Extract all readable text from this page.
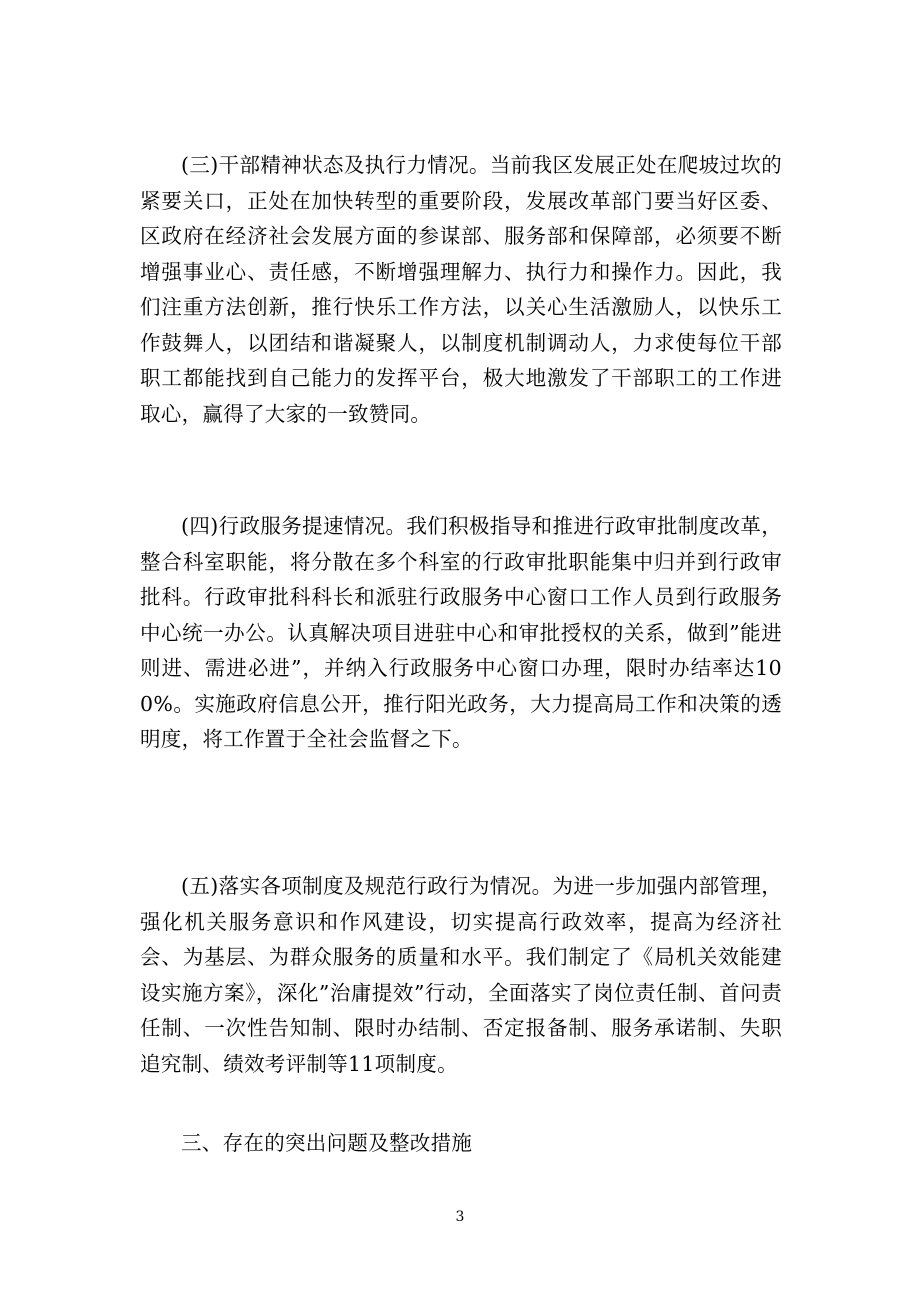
(三)干部精神状态及执行力情况。当前我区发展正处在爬坡过坎的紧要关口，正处在加快转型的重要阶段，发展改革部门要当好区委、区政府在经济社会发展方面的参谋部、服务部和保障部，必须要不断增强事业心、责任感，不断增强理解力、执行力和操作力。因此，我们注重方法创新，推行快乐工作方法，以关心生活激励人，以快乐工作鼓舞人，以团结和谐凝聚人，以制度机制调动人，力求使每位干部职工都能找到自己能力的发挥平台，极大地激发了干部职工的工作进取心，赢得了大家的一致赞同。

(四)行政服务提速情况。我们积极指导和推进行政审批制度改革，整合科室职能，将分散在多个科室的行政审批职能集中归并到行政审批科。行政审批科科长和派驻行政服务中心窗口工作人员到行政服务中心统一办公。认真解决项目进驻中心和审批授权的关系，做到”能进则进、需进必进”，并纳入行政服务中心窗口办理，限时办结率达100%。实施政府信息公开，推行阳光政务，大力提高局工作和决策的透明度，将工作置于全社会监督之下。

(五)落实各项制度及规范行政行为情况。为进一步加强内部管理，强化机关服务意识和作风建设，切实提高行政效率，提高为经济社会、为基层、为群众服务的质量和水平。我们制定了《局机关效能建设实施方案》，深化”治庸提效”行动，全面落实了岗位责任制、首问责任制、一次性告知制、限时办结制、否定报备制、服务承诺制、失职追究制、绩效考评制等11项制度。

三、存在的突出问题及整改措施
3
